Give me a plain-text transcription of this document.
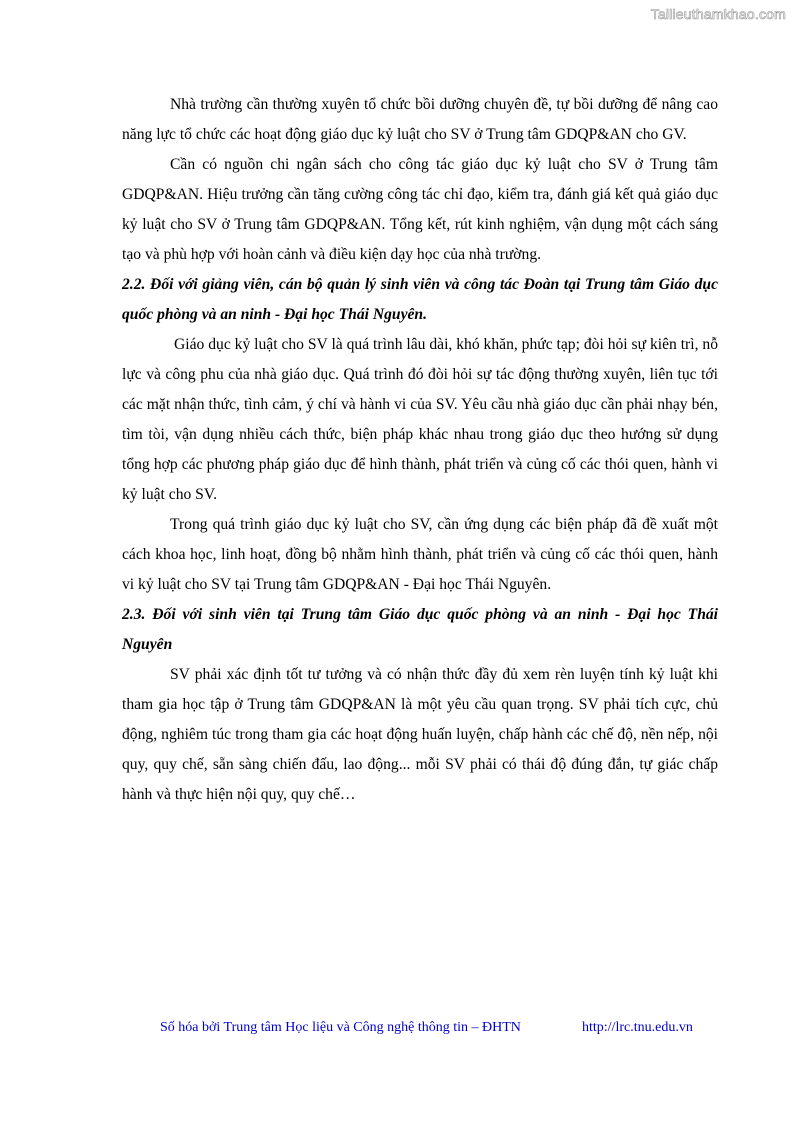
Tailieuthamkhao.com

Nhà trường cần thường xuyên tổ chức bồi dưỡng chuyên đề, tự bồi dưỡng để nâng cao năng lực tổ chức các hoạt động giáo dục kỷ luật cho SV ở Trung tâm GDQP&AN cho GV.

Cần có nguồn chi ngân sách cho công tác giáo dục kỷ luật cho SV ở Trung tâm GDQP&AN. Hiệu trưởng cần tăng cường công tác chỉ đạo, kiểm tra, đánh giá kết quả giáo dục kỷ luật cho SV ở Trung tâm GDQP&AN. Tổng kết, rút kinh nghiệm, vận dụng một cách sáng tạo và phù hợp với hoàn cảnh và điều kiện dạy học của nhà trường.

2.2. Đối với giảng viên, cán bộ quản lý sinh viên và công tác Đoàn tại Trung tâm Giáo dục quốc phòng và an ninh - Đại học Thái Nguyên.

Giáo dục kỷ luật cho SV là quá trình lâu dài, khó khăn, phức tạp; đòi hỏi sự kiên trì, nỗ lực và công phu của nhà giáo dục. Quá trình đó đòi hỏi sự tác động thường xuyên, liên tục tới các mặt nhận thức, tình cảm, ý chí và hành vi của SV. Yêu cầu nhà giáo dục cần phải nhạy bén, tìm tòi, vận dụng nhiều cách thức, biện pháp khác nhau trong giáo dục theo hướng sử dụng tổng hợp các phương pháp giáo dục để hình thành, phát triển và củng cố các thói quen, hành vi kỷ luật cho SV.

Trong quá trình giáo dục kỷ luật cho SV, cần ứng dụng các biện pháp đã đề xuất một cách khoa học, linh hoạt, đồng bộ nhằm hình thành, phát triển và củng cố các thói quen, hành vi kỷ luật cho SV tại Trung tâm GDQP&AN - Đại học Thái Nguyên.

2.3. Đối với sinh viên tại Trung tâm Giáo dục quốc phòng và an ninh - Đại học Thái Nguyên

SV phải xác định tốt tư tưởng và có nhận thức đầy đủ xem rèn luyện tính kỷ luật khi tham gia học tập ở Trung tâm GDQP&AN là một yêu cầu quan trọng. SV phải tích cực, chủ động, nghiêm túc trong tham gia các hoạt động huấn luyện, chấp hành các chế độ, nền nếp, nội quy, quy chế, sẵn sàng chiến đấu, lao động... mỗi SV phải có thái độ đúng đắn, tự giác chấp hành và thực hiện nội quy, quy chế…

Số hóa bởi Trung tâm Học liệu và Công nghệ thông tin – ĐHTN	http://lrc.tnu.edu.vn
